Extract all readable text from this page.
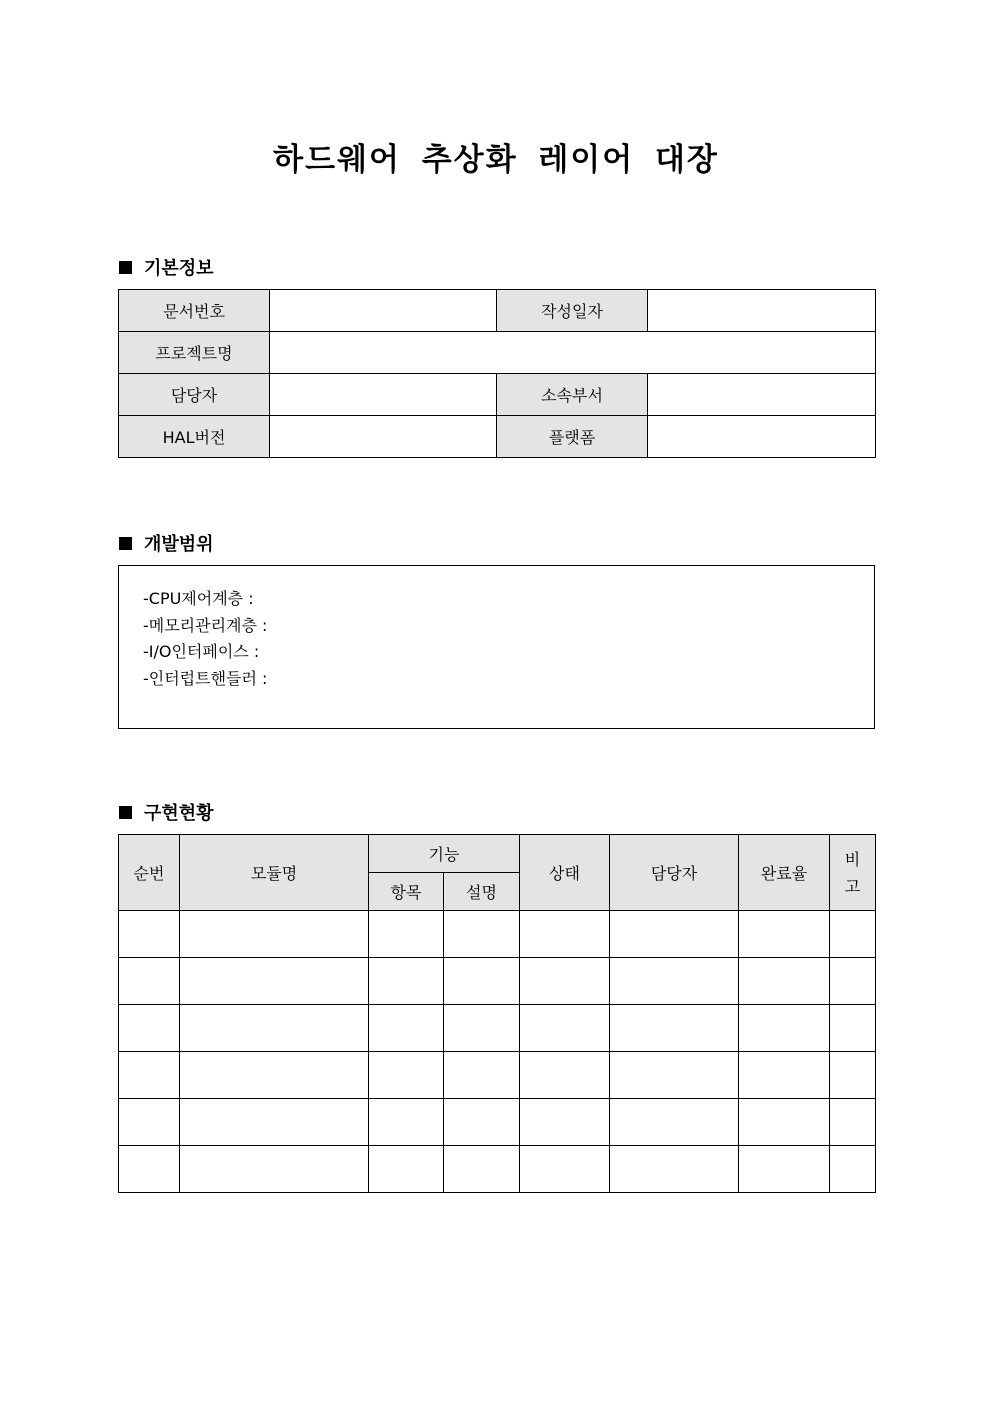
하드웨어 추상화 레이어 대장
기본정보
문서번호		작성일자	
프로젝트명			
담당자		소속부서	
HAL버전		플랫폼	
개발범위
-CPU제어계층 :
-메모리관리계층 :
-I/O인터페이스 :
-인터럽트핸들러 :
구현현황
순번	모듈명	기능		상태	담당자	완료율	비고

		항목	설명				
